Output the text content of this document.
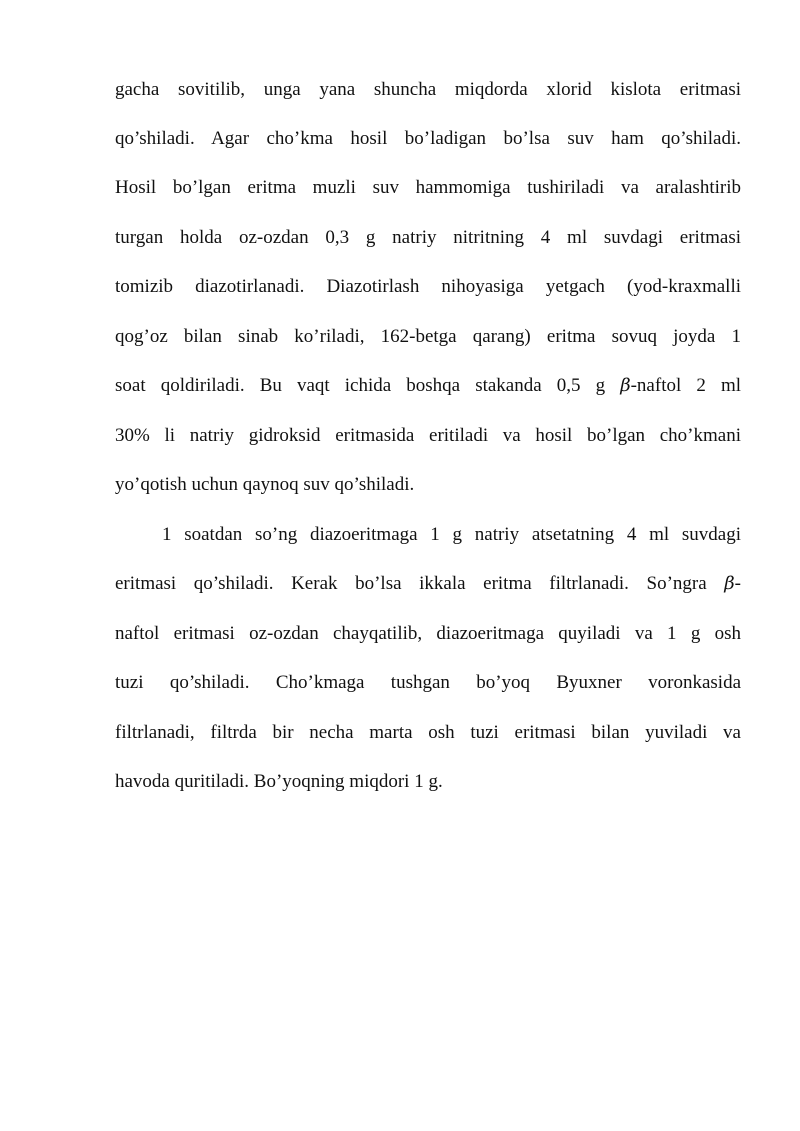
gacha sovitilib, unga yana shuncha miqdorda xlorid kislota eritmasi
qo’shiladi. Agar cho’kma hosil bo’ladigan bo’lsa suv ham qo’shiladi.
Hosil bo’lgan eritma muzli suv hammomiga tushiriladi va aralashtirib
turgan holda oz-ozdan 0,3 g natriy nitritning 4 ml suvdagi eritmasi
tomizib diazotirlanadi. Diazotirlash nihoyasiga yetgach (yod-kraxmalli
qog’oz bilan sinab ko’riladi, 162-betga qarang) eritma sovuq joyda 1
soat qoldiriladi. Bu vaqt ichida boshqa stakanda 0,5 g β-naftol 2 ml
30% li natriy gidroksid eritmasida eritiladi va hosil bo’lgan cho’kmani
yo’qotish uchun qaynoq suv qo’shiladi.
1 soatdan so’ng diazoeritmaga 1 g natriy atsetatning 4 ml suvdagi
eritmasi qo’shiladi. Kerak bo’lsa ikkala eritma filtrlanadi. So’ngra β-
naftol eritmasi oz-ozdan chayqatilib, diazoeritmaga quyiladi va 1 g osh
tuzi qo’shiladi. Cho’kmaga tushgan bo’yoq Byuxner voronkasida
filtrlanadi, filtrda bir necha marta osh tuzi eritmasi bilan yuviladi va
havoda quritiladi. Bo’yoqning miqdori 1 g.
